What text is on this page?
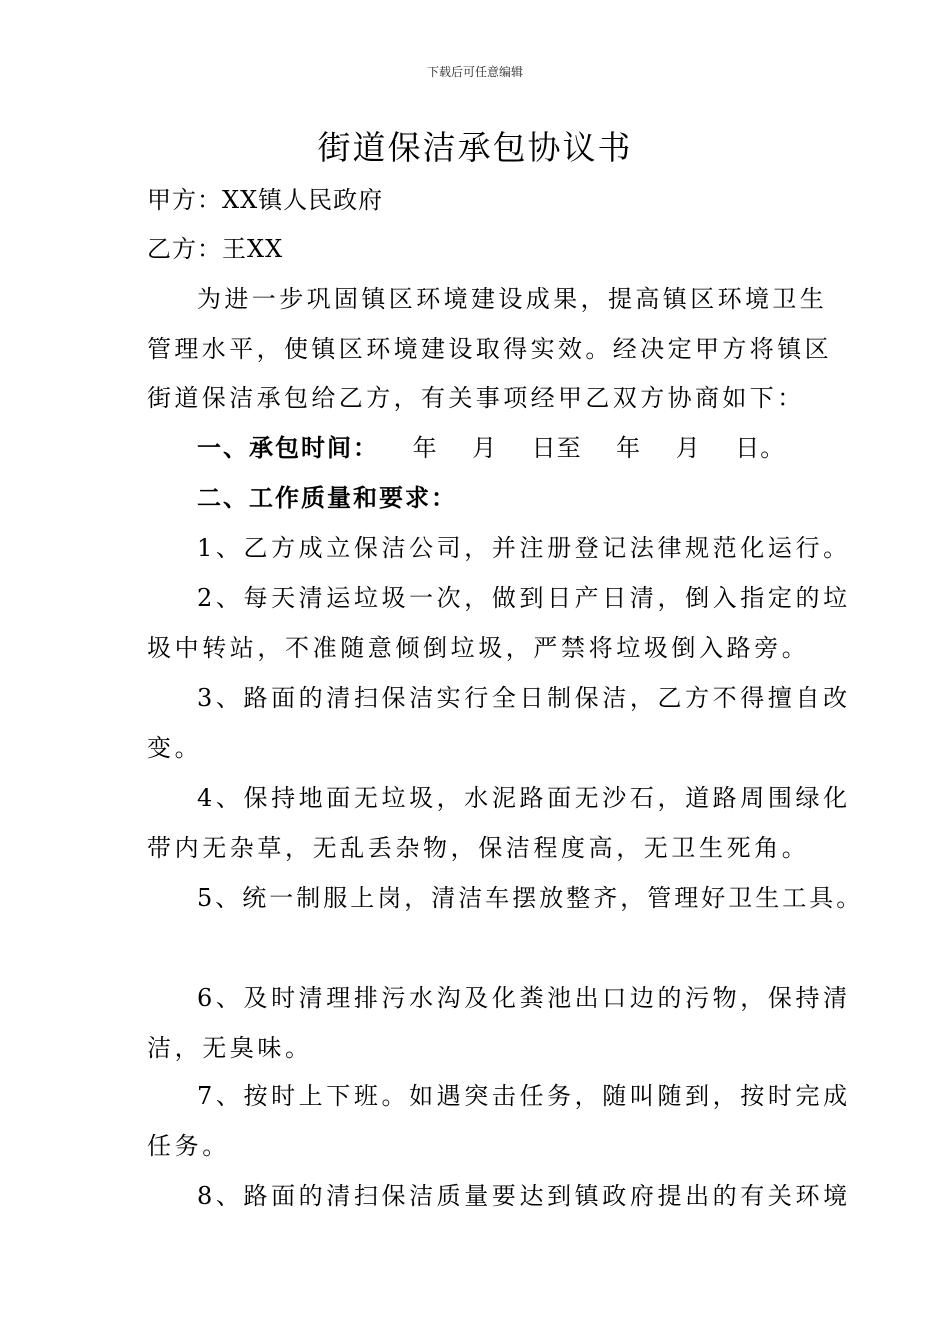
下载后可任意编辑
街道保洁承包协议书
甲方：XX镇人民政府
乙方：王XX
为进一步巩固镇区环境建设成果，提高镇区环境卫生
管理水平，使镇区环境建设取得实效。经决定甲方将镇区
街道保洁承包给乙方，有关事项经甲乙双方协商如下：
一、承包时间： 年    月    日至    年    月    日。
二、工作质量和要求：
1、乙方成立保洁公司，并注册登记法律规范化运行。
2、每天清运垃圾一次，做到日产日清，倒入指定的垃
圾中转站，不准随意倾倒垃圾，严禁将垃圾倒入路旁。
3、路面的清扫保洁实行全日制保洁，乙方不得擅自改
变。
4、保持地面无垃圾，水泥路面无沙石，道路周围绿化
带内无杂草，无乱丢杂物，保洁程度高，无卫生死角。
5、统一制服上岗，清洁车摆放整齐，管理好卫生工具。
6、及时清理排污水沟及化粪池出口边的污物，保持清
洁，无臭味。
7、按时上下班。如遇突击任务，随叫随到，按时完成
任务。
8、路面的清扫保洁质量要达到镇政府提出的有关环境
